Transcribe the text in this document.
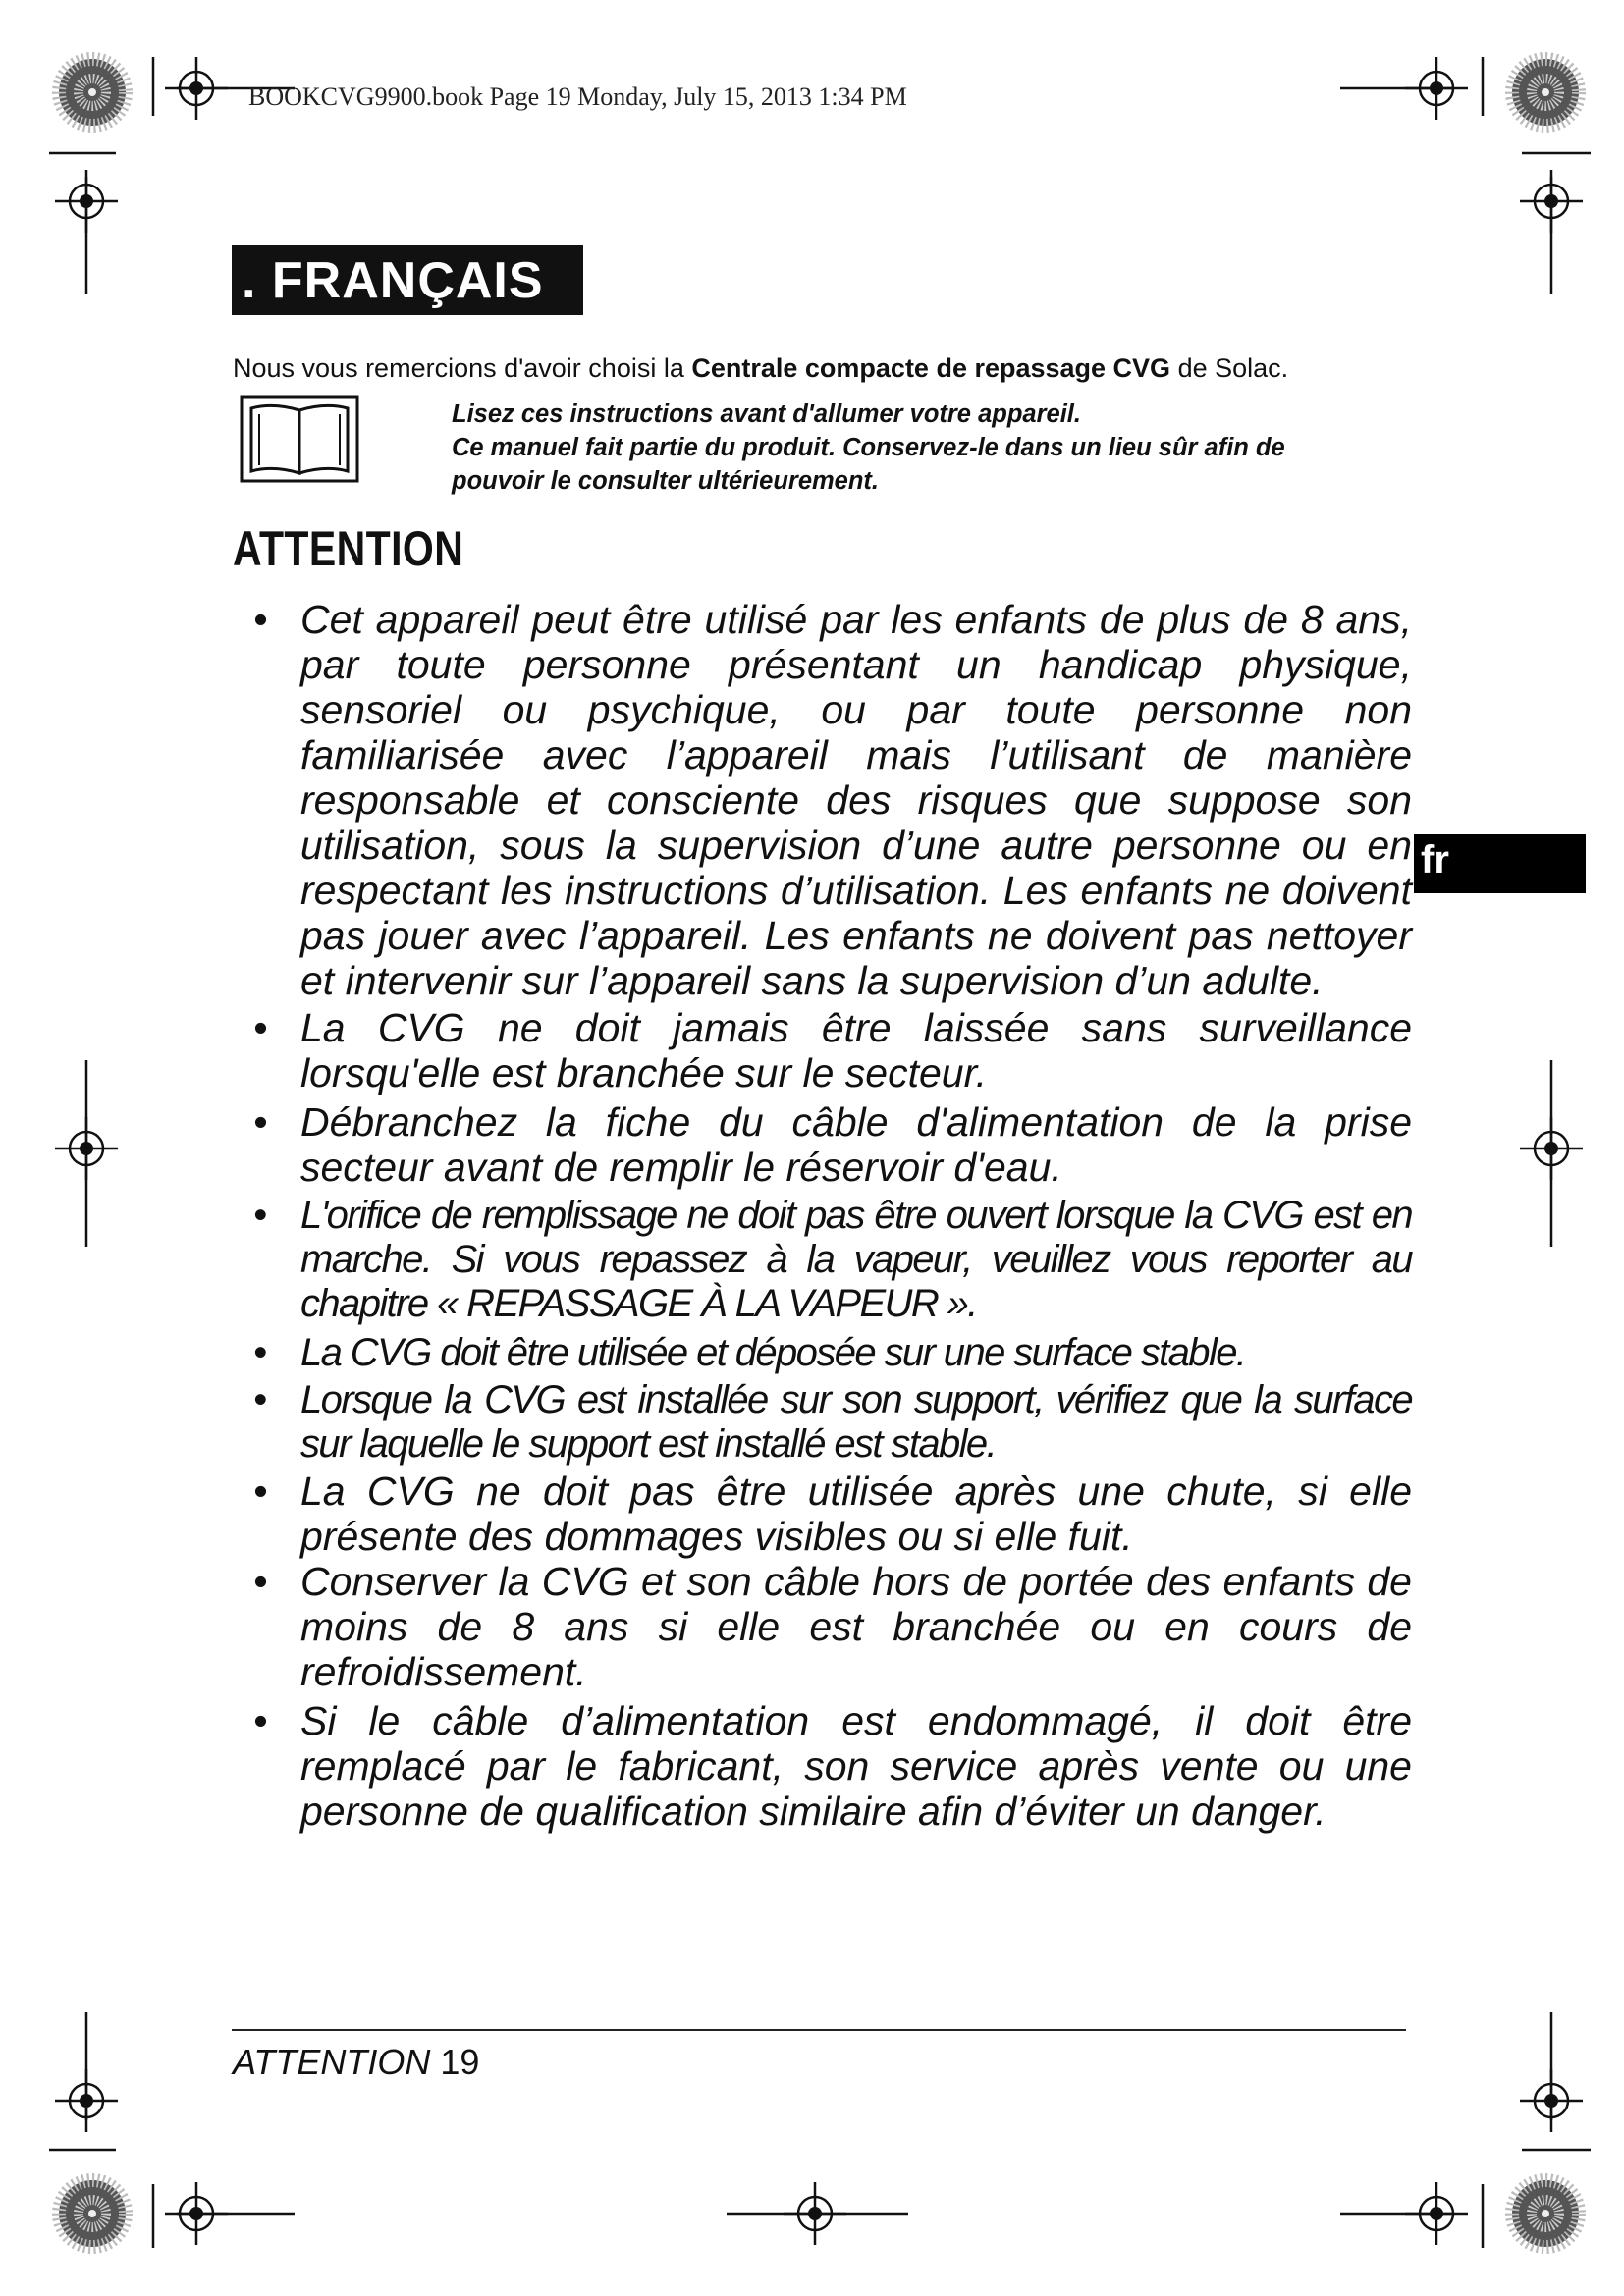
BOOKCVG9900.book Page 19 Monday, July 15, 2013 1:34 PM
. FRANÇAIS
Nous vous remercions d'avoir choisi la Centrale compacte de repassage CVG de Solac.
Lisez ces instructions avant d'allumer votre appareil.
Ce manuel fait partie du produit. Conservez-le dans un lieu sûr afin de
pouvoir le consulter ultérieurement.
ATTENTION
• Cet appareil peut être utilisé par les enfants de plus de 8 ans, par toute personne présentant un handicap physique, sensoriel ou psychique, ou par toute personne non familiarisée avec l’appareil mais l’utilisant de manière responsable et consciente des risques que suppose son utilisation, sous la supervision d’une autre personne ou en respectant les instructions d’utilisation. Les enfants ne doivent pas jouer avec l’appareil. Les enfants ne doivent pas nettoyer et intervenir sur l’appareil sans la supervision d’un adulte.
• La CVG ne doit jamais être laissée sans surveillance lorsqu'elle est branchée sur le secteur.
• Débranchez la fiche du câble d'alimentation de la prise secteur avant de remplir le réservoir d'eau.
• L'orifice de remplissage ne doit pas être ouvert lorsque la CVG est en marche. Si vous repassez à la vapeur, veuillez vous reporter au chapitre « REPASSAGE À LA VAPEUR ».
• La CVG doit être utilisée et déposée sur une surface stable.
• Lorsque la CVG est installée sur son support, vérifiez que la surface sur laquelle le support est installé est stable.
• La CVG ne doit pas être utilisée après une chute, si elle présente des dommages visibles ou si elle fuit.
• Conserver la CVG et son câble hors de portée des enfants de moins de 8 ans si elle est branchée ou en cours de refroidissement.
• Si le câble d’alimentation est endommagé, il doit être remplacé par le fabricant, son service après vente ou une personne de qualification similaire afin d’éviter un danger.
fr
ATTENTION 19
